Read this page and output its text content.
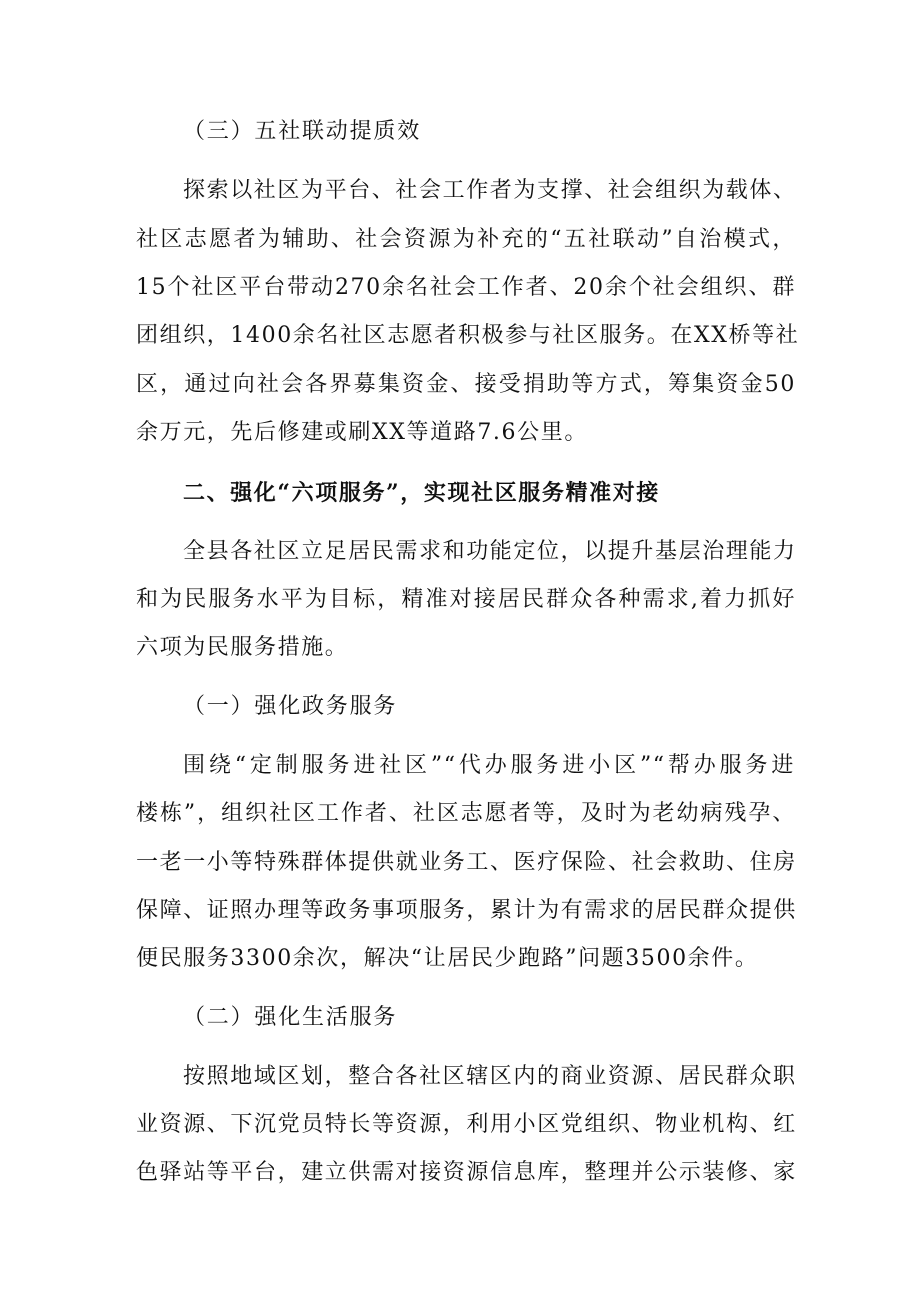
（三）五社联动提质效
探索以社区为平台、社会工作者为支撑、社会组织为载体、
社区志愿者为辅助、社会资源为补充的“五社联动”自治模式，
15个社区平台带动270余名社会工作者、20余个社会组织、群
团组织，1400余名社区志愿者积极参与社区服务。在XX桥等社
区，通过向社会各界募集资金、接受捐助等方式，筹集资金50
余万元，先后修建或刷XX等道路7.6公里。
二、强化“六项服务”，实现社区服务精准对接
全县各社区立足居民需求和功能定位，以提升基层治理能力
和为民服务水平为目标，精准对接居民群众各种需求,着力抓好
六项为民服务措施。
（一）强化政务服务
围绕“定制服务进社区”“代办服务进小区”“帮办服务进
楼栋”，组织社区工作者、社区志愿者等，及时为老幼病残孕、
一老一小等特殊群体提供就业务工、医疗保险、社会救助、住房
保障、证照办理等政务事项服务，累计为有需求的居民群众提供
便民服务3300余次，解决“让居民少跑路”问题3500余件。
（二）强化生活服务
按照地域区划，整合各社区辖区内的商业资源、居民群众职
业资源、下沉党员特长等资源，利用小区党组织、物业机构、红
色驿站等平台，建立供需对接资源信息库，整理并公示装修、家
